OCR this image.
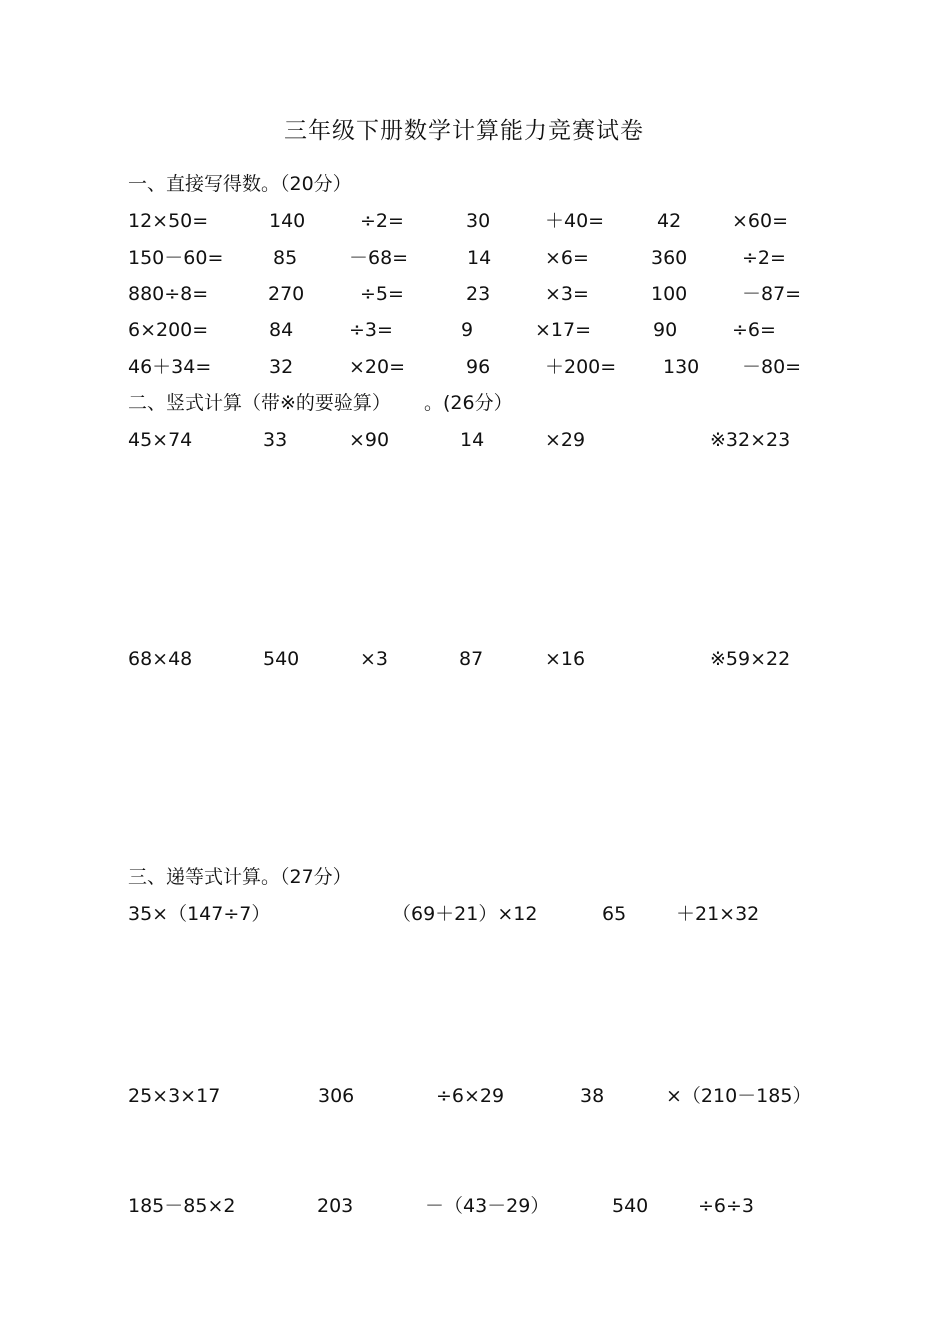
三年级下册数学计算能力竞赛试卷
一、直接写得数。（20分）
12×50=	140	÷2=	30	＋40=	42	×60=
150－60=	85	－68=	14	×6=	360	÷2=
880÷8=	270	÷5=	23	×3=	100	－87=
6×200=	84	÷3=	9	×17=	90	÷6=
46＋34=	32	×20=	96	＋200= 130 －80=
二、竖式计算（带※的要验算） 。(26分）
45×74	33	×90	14	×29	※32×23
68×48	540	×3	87	×16	※59×22
三、递等式计算。（27分）
35×（147÷7）	（69＋21）×12	65	＋21×32
25×3×17	306	÷6×29	38	×（210－185）
185－85×2	203	－（43－29）	540	÷6÷3
